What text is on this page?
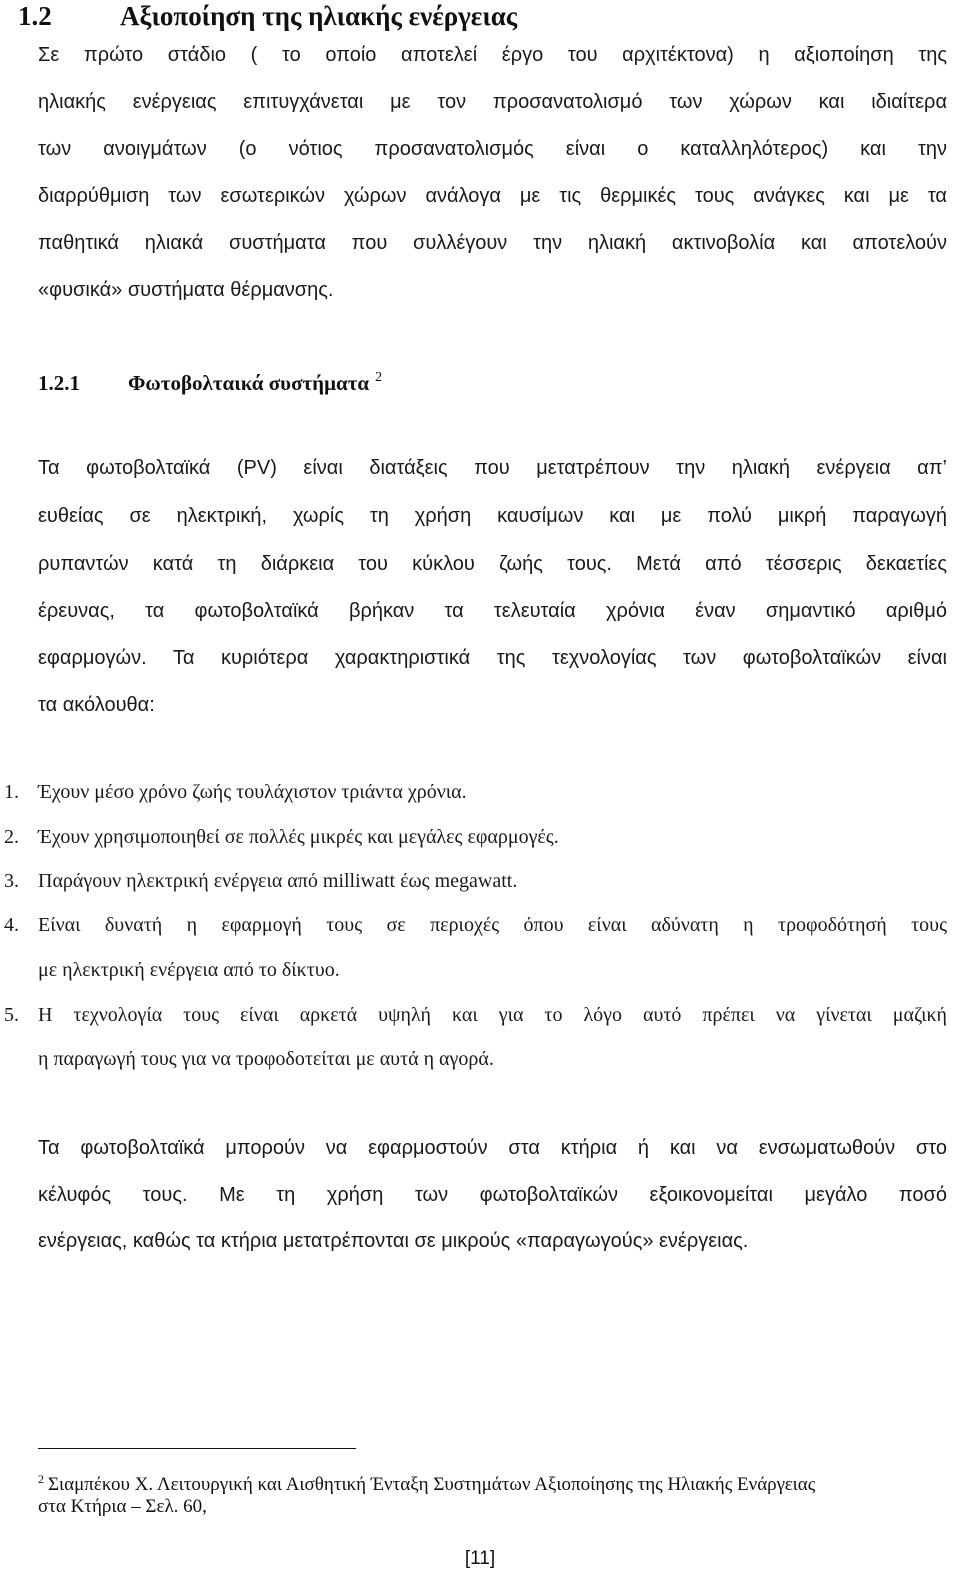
1.2	Αξιοποίηση της ηλιακής ενέργειας
Σε πρώτο στάδιο ( το οποίο αποτελεί έργο του αρχιτέκτονα) η αξιοποίηση της
ηλιακής ενέργειας επιτυγχάνεται με τον προσανατολισμό των χώρων και ιδιαίτερα
των ανοιγμάτων (ο νότιος προσανατολισμός είναι ο καταλληλότερος) και την
διαρρύθμιση των εσωτερικών χώρων ανάλογα με τις θερμικές τους ανάγκες και με τα
παθητικά ηλιακά συστήματα που συλλέγουν την ηλιακή ακτινοβολία και αποτελούν
«φυσικά» συστήματα θέρμανσης.
1.2.1 Φωτοβολταικά συστήματα $^2$
Τα φωτοβολταϊκά (PV) είναι διατάξεις που μετατρέπουν την ηλιακή ενέργεια απ’
ευθείας σε ηλεκτρική, χωρίς τη χρήση καυσίμων και με πολύ μικρή παραγωγή
ρυπαντών κατά τη διάρκεια του κύκλου ζωής τους. Μετά από τέσσερις δεκαετίες
έρευνας, τα φωτοβολταϊκά βρήκαν τα τελευταία χρόνια έναν σημαντικό αριθμό
εφαρμογών. Τα κυριότερα χαρακτηριστικά της τεχνολογίας των φωτοβολταϊκών είναι
τα ακόλουθα:
1. Έχουν μέσο χρόνο ζωής τουλάχιστον τριάντα χρόνια.
2. Έχουν χρησιμοποιηθεί σε πολλές μικρές και μεγάλες εφαρμογές.
3. Παράγουν ηλεκτρική ενέργεια από milliwatt έως megawatt.
4. Είναι δυνατή η εφαρμογή τους σε περιοχές όπου είναι αδύνατη η τροφοδότησή τους
με ηλεκτρική ενέργεια από το δίκτυο.
5. Η τεχνολογία τους είναι αρκετά υψηλή και για το λόγο αυτό πρέπει να γίνεται μαζική
η παραγωγή τους για να τροφοδοτείται με αυτά η αγορά.
Τα φωτοβολταϊκά μπορούν να εφαρμοστούν στα κτήρια ή και να ενσωματωθούν στο
κέλυφός τους. Με τη χρήση των φωτοβολταϊκών εξοικονομείται μεγάλο ποσό
ενέργειας, καθώς τα κτήρια μετατρέπονται σε μικρούς «παραγωγούς» ενέργειας.
$^2$ Σιαμπέκου Χ. Λειτουργική και Αισθητική Ένταξη Συστημάτων Αξιοποίησης της Ηλιακής Ενάργειας
στα Κτήρια – Σελ. 60,
[11]
